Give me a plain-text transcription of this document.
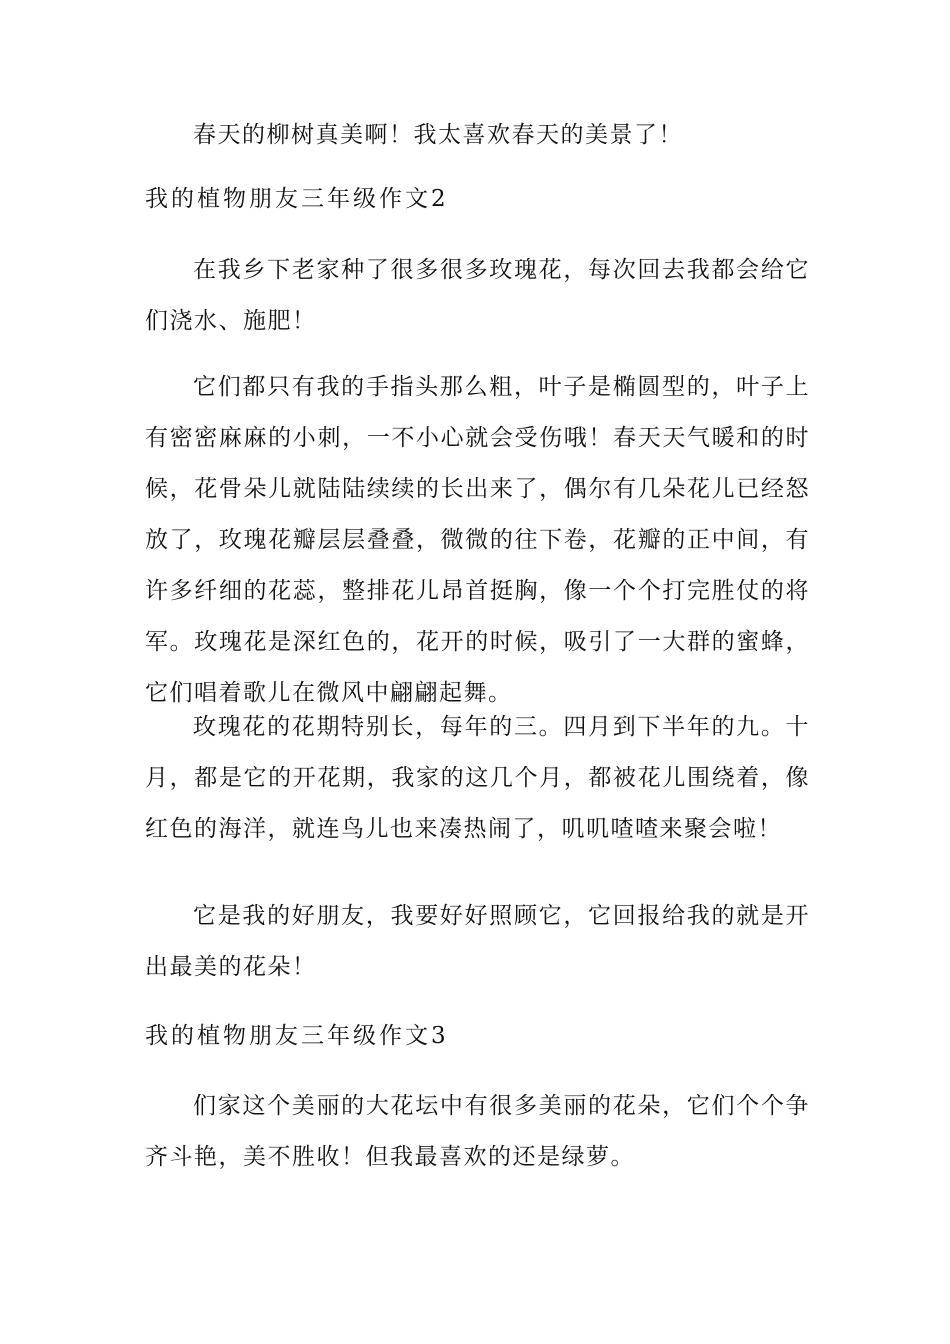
春天的柳树真美啊！我太喜欢春天的美景了！

我的植物朋友三年级作文2

在我乡下老家种了很多很多玫瑰花，每次回去我都会给它们浇水、施肥！

它们都只有我的手指头那么粗，叶子是椭圆型的，叶子上有密密麻麻的小刺，一不小心就会受伤哦！春天天气暖和的时候，花骨朵儿就陆陆续续的长出来了，偶尔有几朵花儿已经怒放了，玫瑰花瓣层层叠叠，微微的往下卷，花瓣的正中间，有许多纤细的花蕊，整排花儿昂首挺胸，像一个个打完胜仗的将军。玫瑰花是深红色的，花开的时候，吸引了一大群的蜜蜂，它们唱着歌儿在微风中翩翩起舞。

玫瑰花的花期特别长，每年的三。四月到下半年的九。十月，都是它的开花期，我家的这几个月，都被花儿围绕着，像红色的海洋，就连鸟儿也来凑热闹了，叽叽喳喳来聚会啦！

它是我的好朋友，我要好好照顾它，它回报给我的就是开出最美的花朵！

我的植物朋友三年级作文3

们家这个美丽的大花坛中有很多美丽的花朵，它们个个争齐斗艳，美不胜收！但我最喜欢的还是绿萝。
